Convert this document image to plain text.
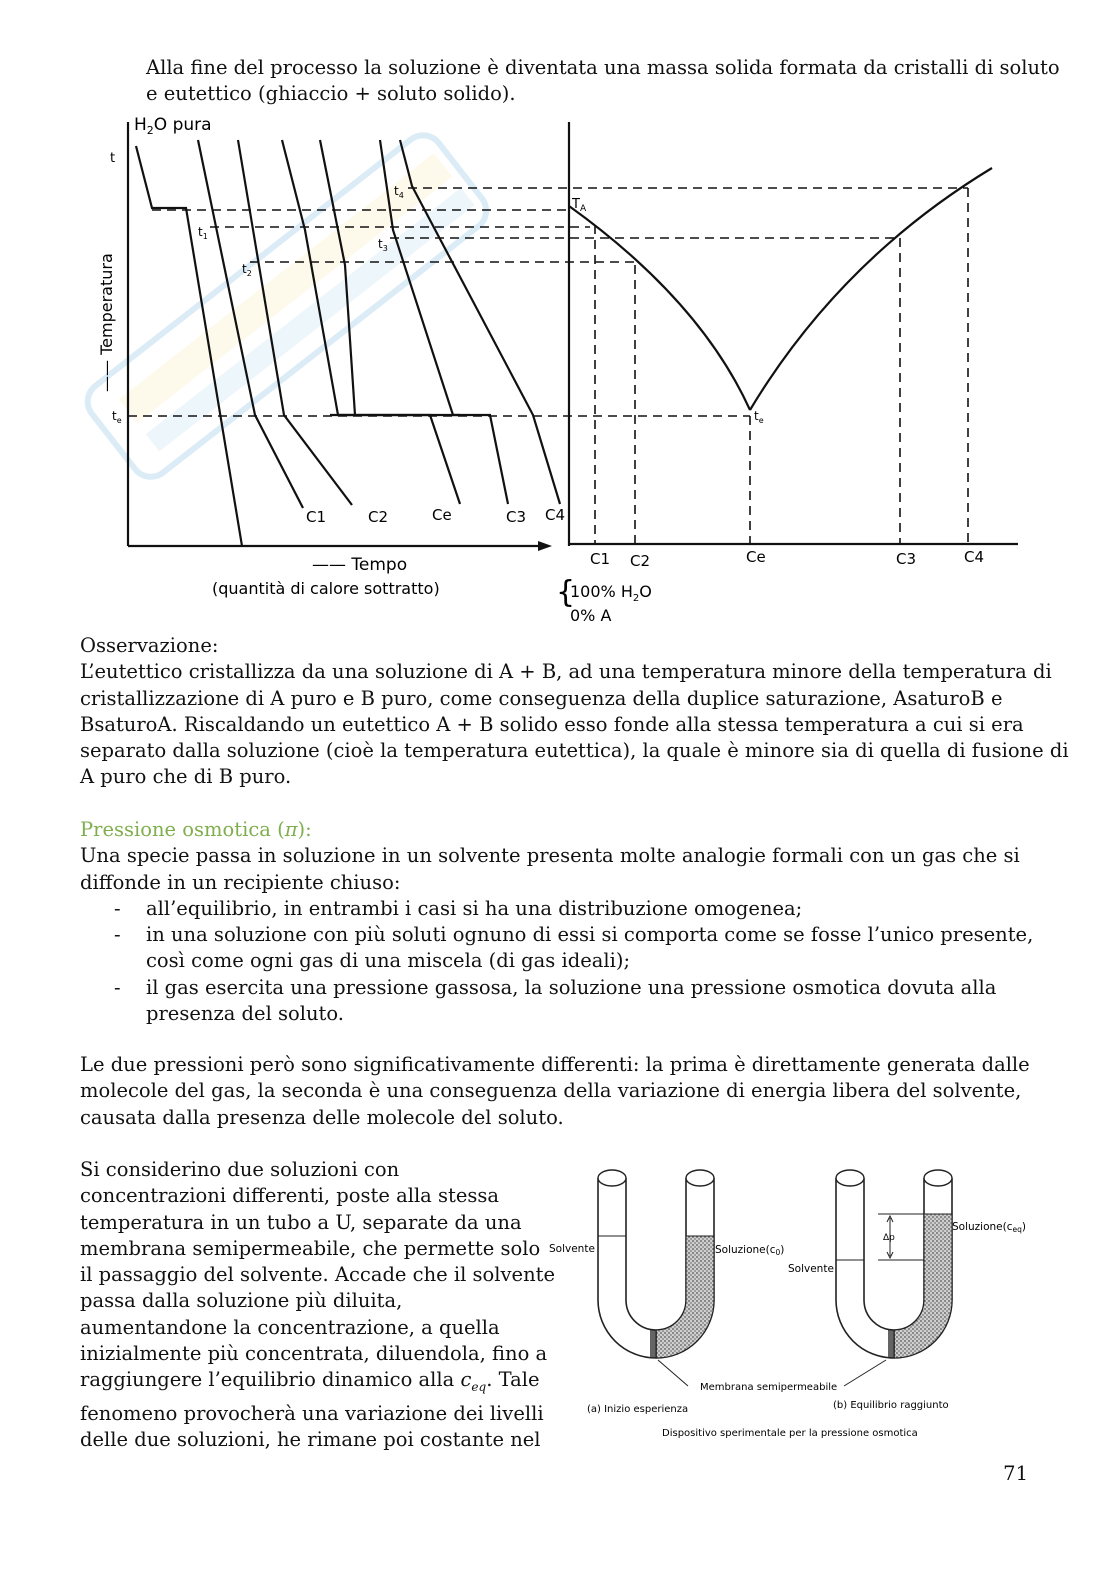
Alla fine del processo la soluzione è diventata una massa solida formata da cristalli di soluto
e eutettico (ghiaccio + soluto solido).
$H_2O$ pura
t
—— Temperatura
$t_1$
$t_2$
$t_3$
$t_4$
$t_e$
$T_A$
$t_e$
C1	C2	Ce	C3 C4
C1 C2	Ce	C3	C4
—— Tempo
(quantità di calore sottratto)	{
100% $H_2O$
0% A
Osservazione:
L’eutettico cristallizza da una soluzione di A + B, ad una temperatura minore della temperatura di
cristallizzazione di A puro e B puro, come conseguenza della duplice saturazione, AsaturoB e
BsaturoA. Riscaldando un eutettico A + B solido esso fonde alla stessa temperatura a cui si era
separato dalla soluzione (cioè la temperatura eutettica), la quale è minore sia di quella di fusione di
A puro che di B puro.
Pressione osmotica (π):
Una specie passa in soluzione in un solvente presenta molte analogie formali con un gas che si
diffonde in un recipiente chiuso:
- all’equilibrio, in entrambi i casi si ha una distribuzione omogenea;
- in una soluzione con più soluti ognuno di essi si comporta come se fosse l’unico presente,
così come ogni gas di una miscela (di gas ideali);
- il gas esercita una pressione gassosa, la soluzione una pressione osmotica dovuta alla
presenza del soluto.
Le due pressioni però sono significativamente differenti: la prima è direttamente generata dalle
molecole del gas, la seconda è una conseguenza della variazione di energia libera del solvente,
causata dalla presenza delle molecole del soluto.
Si considerino due soluzioni con
concentrazioni differenti, poste alla stessa
temperatura in un tubo a U, separate da una
membrana semipermeabile, che permette solo
il passaggio del solvente. Accade che il solvente
passa dalla soluzione più diluita,
aumentandone la concentrazione, a quella
inizialmente più concentrata, diluendola, fino a
raggiungere l’equilibrio dinamico alla $c_{eq}$. Tale
fenomeno provocherà una variazione dei livelli
delle due soluzioni, he rimane poi costante nel
Solvente	Soluzione(c0)
Solvente
Soluzione(ceq)
Δp
Membrana semipermeabile
(a) Inizio esperienza	(b) Equilibrio raggiunto
Dispositivo sperimentale per la pressione osmotica
71
